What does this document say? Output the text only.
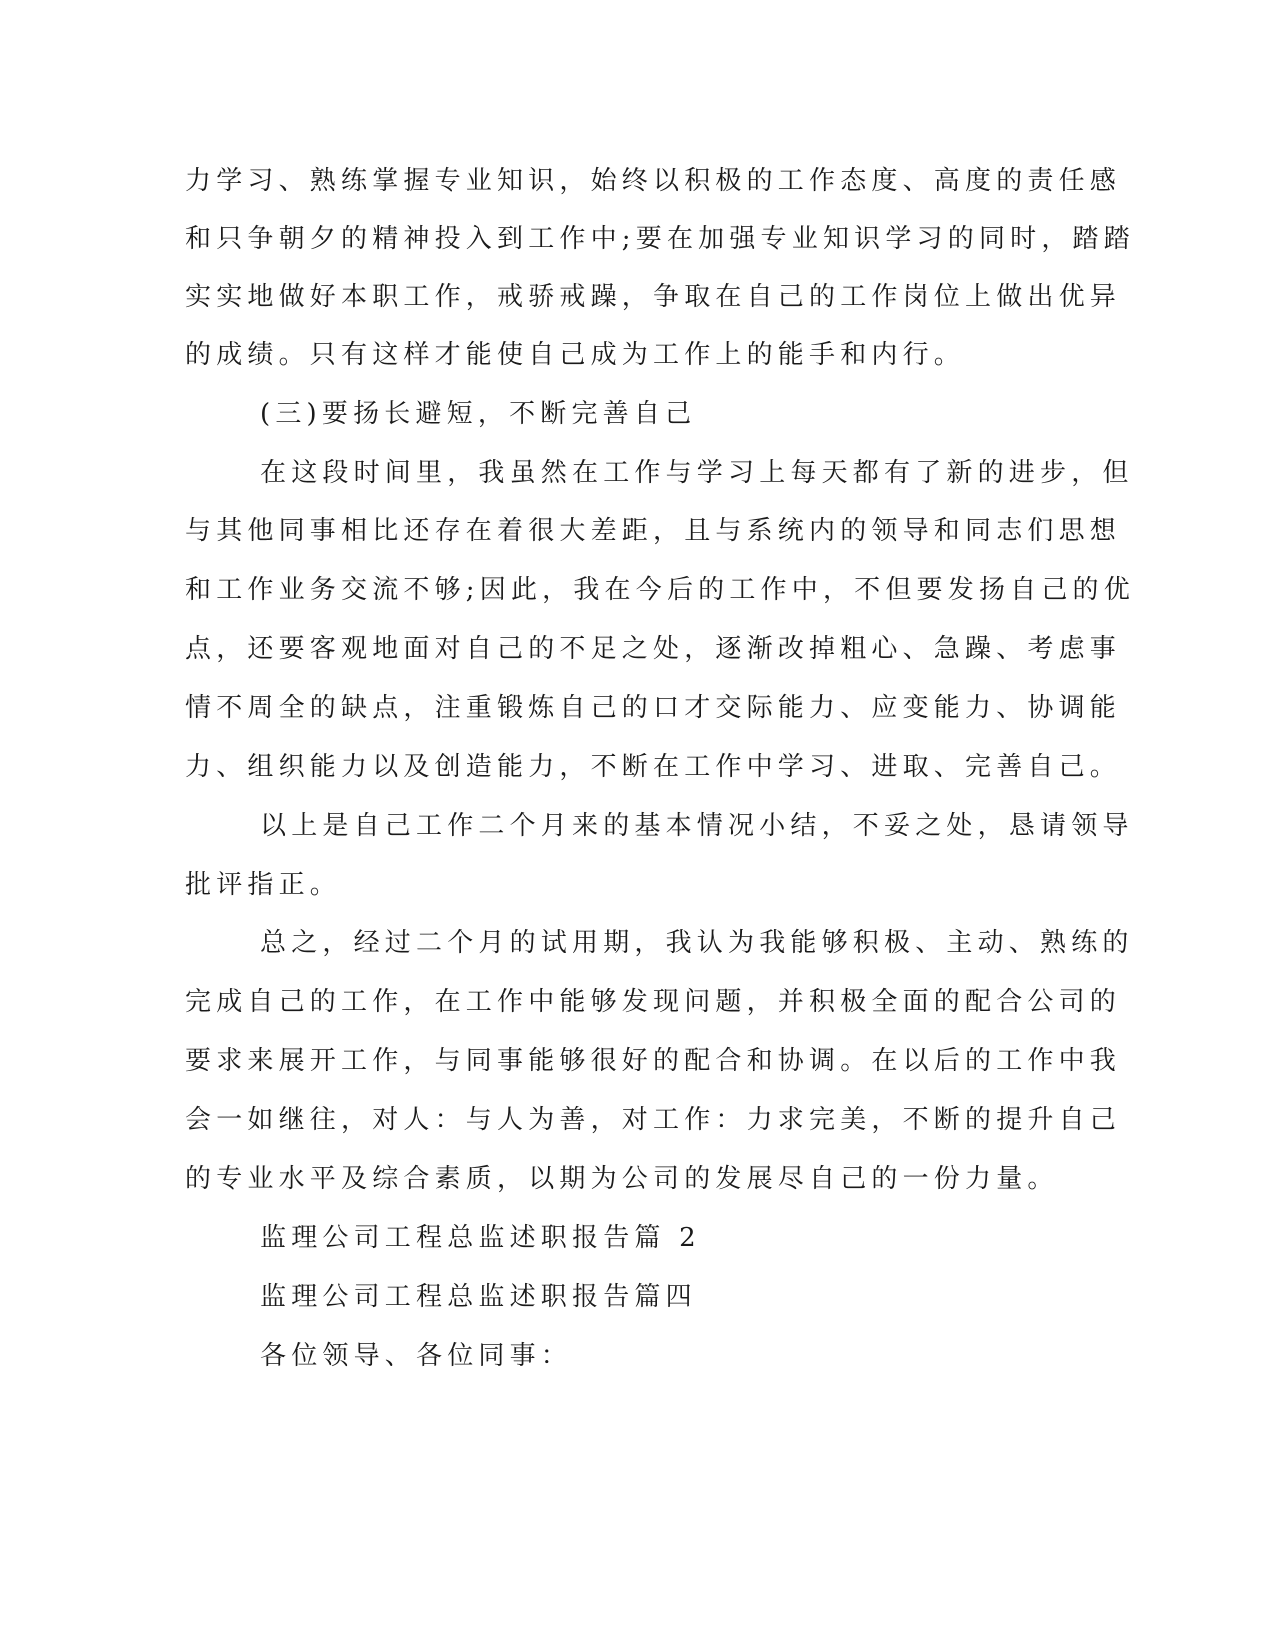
力学习、熟练掌握专业知识，始终以积极的工作态度、高度的责任感
和只争朝夕的精神投入到工作中;要在加强专业知识学习的同时，踏踏
实实地做好本职工作，戒骄戒躁，争取在自己的工作岗位上做出优异
的成绩。只有这样才能使自己成为工作上的能手和内行。
(三)要扬长避短，不断完善自己
在这段时间里，我虽然在工作与学习上每天都有了新的进步，但
与其他同事相比还存在着很大差距，且与系统内的领导和同志们思想
和工作业务交流不够;因此，我在今后的工作中，不但要发扬自己的优
点，还要客观地面对自己的不足之处，逐渐改掉粗心、急躁、考虑事
情不周全的缺点，注重锻炼自己的口才交际能力、应变能力、协调能
力、组织能力以及创造能力，不断在工作中学习、进取、完善自己。
以上是自己工作二个月来的基本情况小结，不妥之处，恳请领导
批评指正。
总之，经过二个月的试用期，我认为我能够积极、主动、熟练的
完成自己的工作，在工作中能够发现问题，并积极全面的配合公司的
要求来展开工作，与同事能够很好的配合和协调。在以后的工作中我
会一如继往，对人：与人为善，对工作：力求完美，不断的提升自己
的专业水平及综合素质，以期为公司的发展尽自己的一份力量。
监理公司工程总监述职报告篇 2
监理公司工程总监述职报告篇四
各位领导、各位同事：
